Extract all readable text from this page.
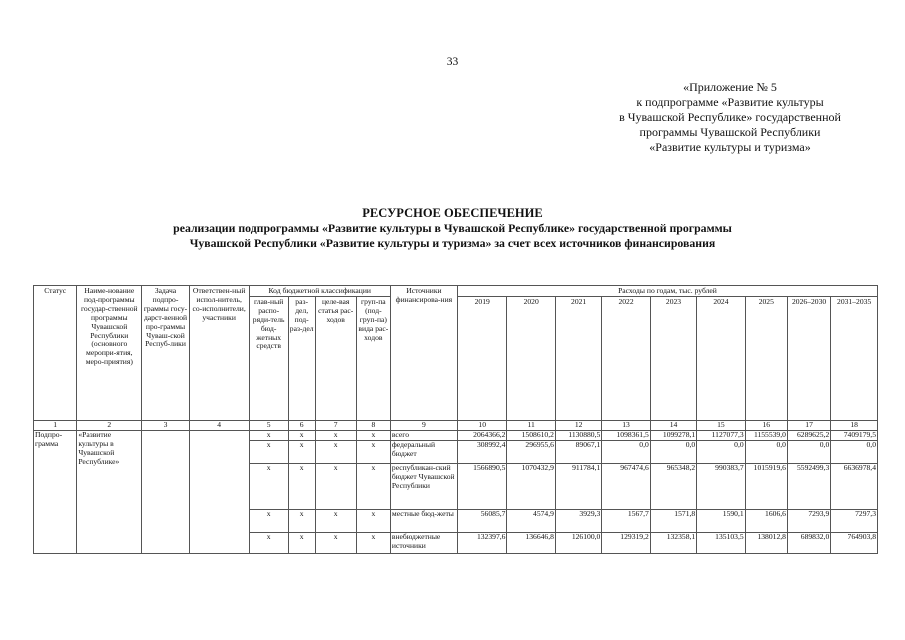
33
«Приложение № 5
к подпрограмме «Развитие культуры
в Чувашской Республике» государственной
программы Чувашской Республики
«Развитие культуры и туризма»
РЕСУРСНОЕ ОБЕСПЕЧЕНИЕ
реализации подпрограммы «Развитие культуры в Чувашской Республике» государственной программы
Чувашской Республики «Развитие культуры и туризма» за счет всех источников финансирования
Статус	Наиме-нование под-программы государ-ственной программы Чувашской Республики (основного меропри-ятия, меро-приятия)	Задача подпро-граммы госу-дарст-венной про-граммы Чуваш-ской Респуб-лики	Ответствен-ный испол-нитель, со-исполнители, участники	Код бюджетной классификации				Источники финансирова-ния	Расходы по годам, тыс. рублей								
				глав-ный распо-ряди-тель бюд-жетных средств	раз-дел, под-раз-дел	целе-вая статья рас-ходов	груп-па (под-груп-па) вида рас-ходов		2019	2020	2021	2022	2023	2024	2025	2026–2030	2031–2035
1	2	3	4	5	6	7	8	9	10	11	12	13	14	15	16	17	18
Подпро-грамма	«Развитие культуры в Чувашской Республике»			х	х	х	х	всего	2064366,2	1508610,2	1130880,5	1098361,5	1099278,1	1127077,3	1155539,0	6289625,2	7409179,5
				х	х	х	х	федеральный бюджет	308992,4	296955,6	89067,1	0,0	0,0	0,0	0,0	0,0	0,0
				х	х	х	х	республикан-ский бюджет Чувашской Республики	1566890,5	1070432,9	911784,1	967474,6	965348,2	990383,7	1015919,6	5592499,3	6636978,4
				х	х	х	х	местные бюд-жеты	56085,7	4574,9	3929,3	1567,7	1571,8	1590,1	1606,6	7293,9	7297,3
				х	х	х	х	внебюджетные источники	132397,6	136646,8	126100,0	129319,2	132358,1	135103,5	138012,8	689832,0	764903,8
